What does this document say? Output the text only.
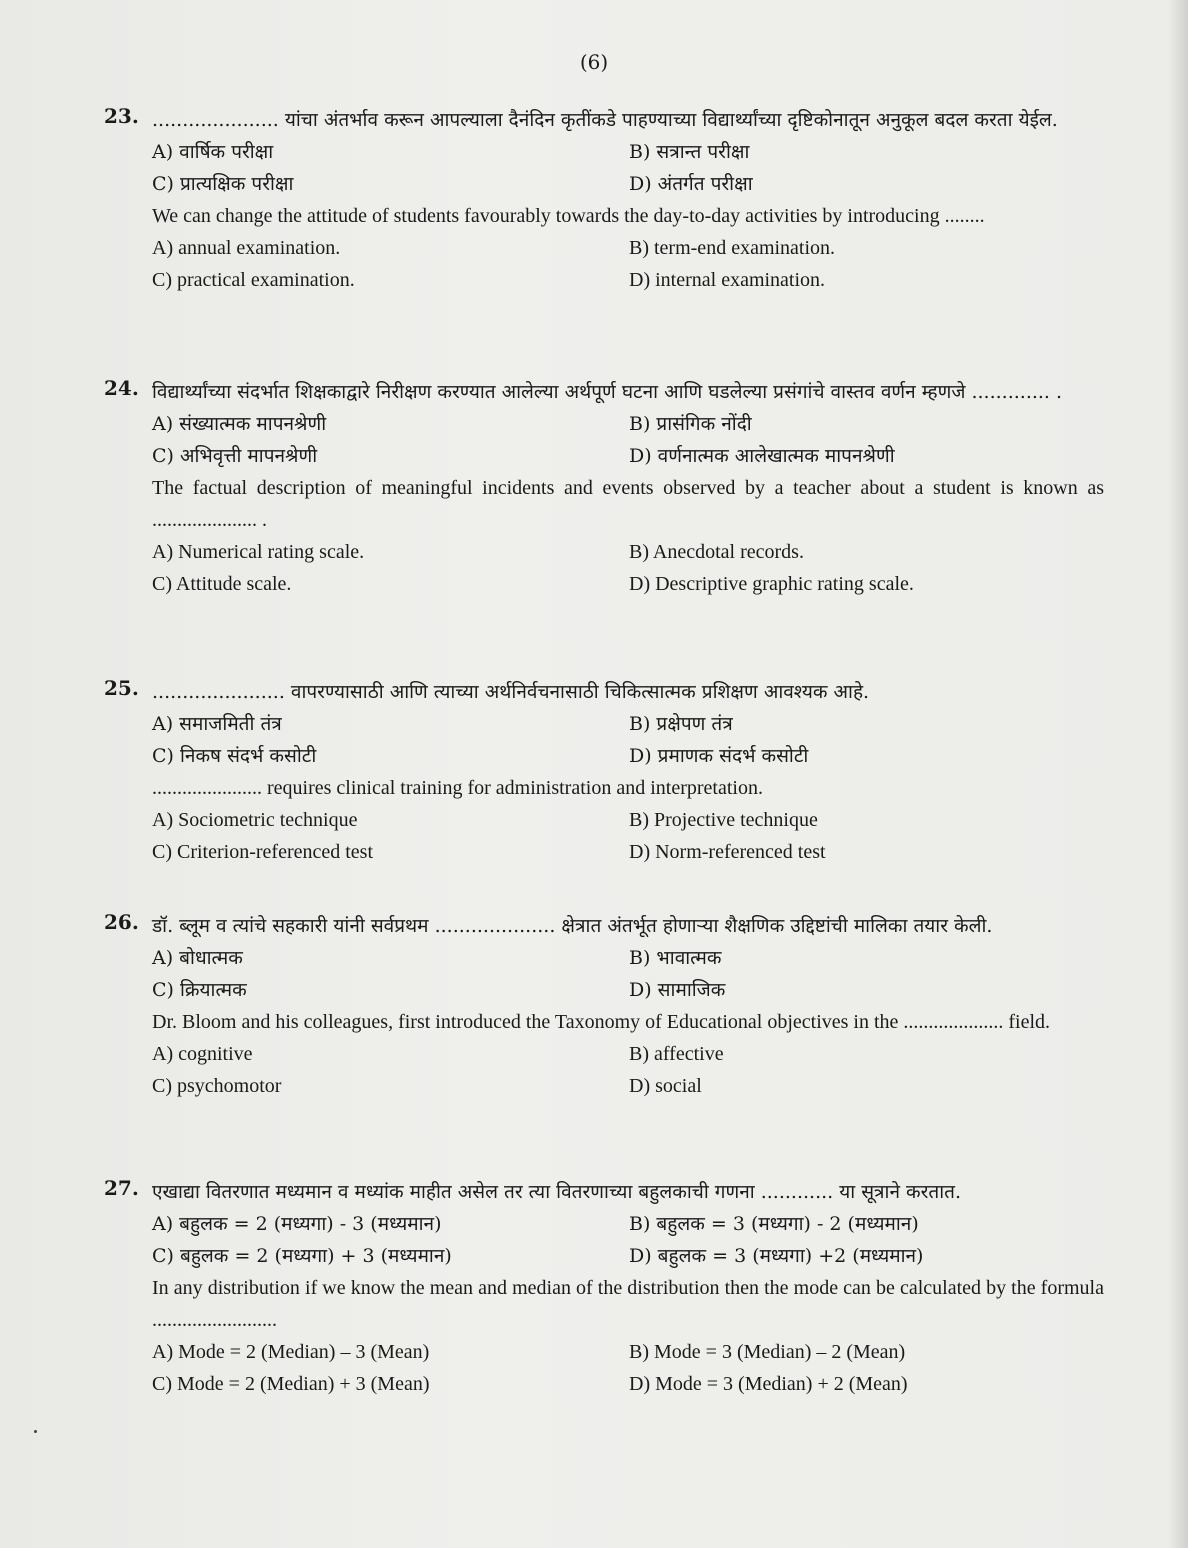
(6)
23. ..................... यांचा अंतर्भाव करून आपल्याला दैनंदिन कृतींकडे पाहण्याच्या विद्यार्थ्यांच्या दृष्टिकोनातून अनुकूल बदल करता येईल.
A) वार्षिक परीक्षा	B) सत्रान्त परीक्षा
C) प्रात्यक्षिक परीक्षा	D) अंतर्गत परीक्षा
We can change the attitude of students favourably towards the day-to-day activities by introducing ........
A) annual examination.	B) term-end examination.
C) practical examination.	D) internal examination.
24. विद्यार्थ्यांच्या संदर्भात शिक्षकाद्वारे निरीक्षण करण्यात आलेल्या अर्थपूर्ण घटना आणि घडलेल्या प्रसंगांचे वास्तव वर्णन म्हणजे ............. .
A) संख्यात्मक मापनश्रेणी	B) प्रासंगिक नोंदी
C) अभिवृत्ती मापनश्रेणी	D) वर्णनात्मक आलेखात्मक मापनश्रेणी
The factual description of meaningful incidents and events observed by a teacher about a student is known as ..................... .
A) Numerical rating scale.	B) Anecdotal records.
C) Attitude scale.	D) Descriptive graphic rating scale.
25. ...................... वापरण्यासाठी आणि त्याच्या अर्थनिर्वचनासाठी चिकित्सात्मक प्रशिक्षण आवश्यक आहे.
A) समाजमिती तंत्र	B) प्रक्षेपण तंत्र
C) निकष संदर्भ कसोटी	D) प्रमाणक संदर्भ कसोटी
...................... requires clinical training for administration and interpretation.
A) Sociometric technique	B) Projective technique
C) Criterion-referenced test	D) Norm-referenced test
26. डॉ. ब्लूम व त्यांचे सहकारी यांनी सर्वप्रथम .................... क्षेत्रात अंतर्भूत होणाऱ्या शैक्षणिक उद्दिष्टांची मालिका तयार केली.
A) बोधात्मक	B) भावात्मक
C) क्रियात्मक	D) सामाजिक
Dr. Bloom and his colleagues, first introduced the Taxonomy of Educational objectives in the .................... field.
A) cognitive	B) affective
C) psychomotor	D) social
27. एखाद्या वितरणात मध्यमान व मध्यांक माहीत असेल तर त्या वितरणाच्या बहुलकाची गणना ............ या सूत्राने करतात.
A) बहुलक = 2 (मध्यगा) - 3 (मध्यमान)	B) बहुलक = 3 (मध्यगा) - 2 (मध्यमान)
C) बहुलक = 2 (मध्यगा) + 3 (मध्यमान)	D) बहुलक = 3 (मध्यगा) +2 (मध्यमान)
In any distribution if we know the mean and median of the distribution then the mode can be calculated by the formula .........................
A) Mode = 2 (Median) – 3 (Mean)	B) Mode = 3 (Median) – 2 (Mean)
C) Mode = 2 (Median) + 3 (Mean)	D) Mode = 3 (Median) + 2 (Mean)
